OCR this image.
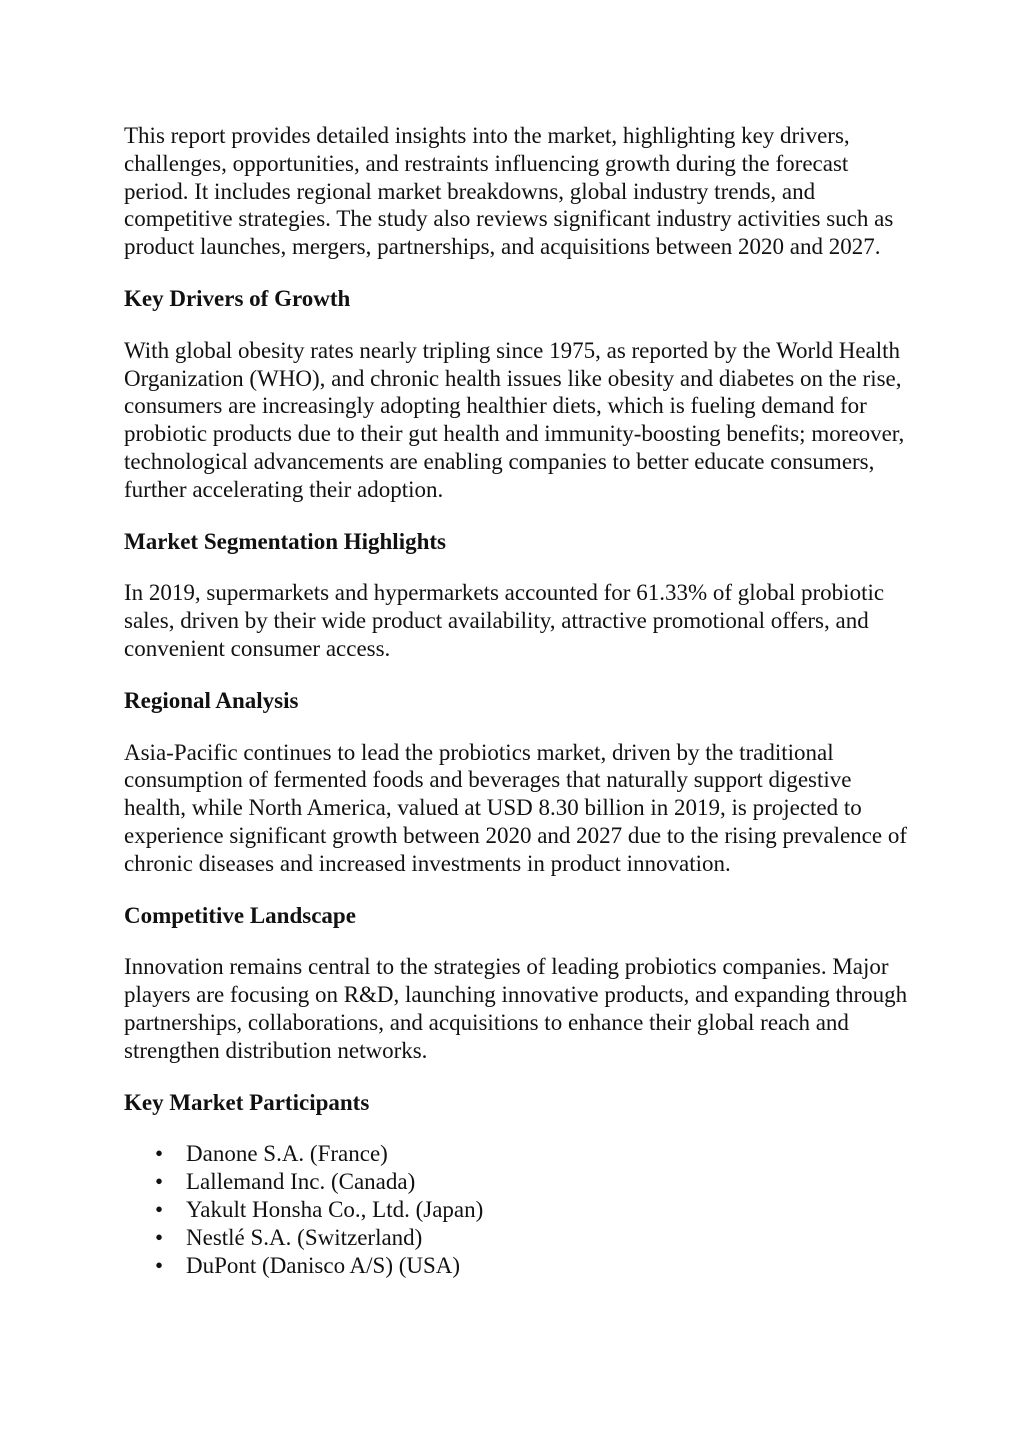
This report provides detailed insights into the market, highlighting key drivers, challenges, opportunities, and restraints influencing growth during the forecast period. It includes regional market breakdowns, global industry trends, and competitive strategies. The study also reviews significant industry activities such as product launches, mergers, partnerships, and acquisitions between 2020 and 2027.

Key Drivers of Growth

With global obesity rates nearly tripling since 1975, as reported by the World Health Organization (WHO), and chronic health issues like obesity and diabetes on the rise, consumers are increasingly adopting healthier diets, which is fueling demand for probiotic products due to their gut health and immunity-boosting benefits; moreover, technological advancements are enabling companies to better educate consumers, further accelerating their adoption.

Market Segmentation Highlights

In 2019, supermarkets and hypermarkets accounted for 61.33% of global probiotic sales, driven by their wide product availability, attractive promotional offers, and convenient consumer access.

Regional Analysis

Asia-Pacific continues to lead the probiotics market, driven by the traditional consumption of fermented foods and beverages that naturally support digestive health, while North America, valued at USD 8.30 billion in 2019, is projected to experience significant growth between 2020 and 2027 due to the rising prevalence of chronic diseases and increased investments in product innovation.

Competitive Landscape

Innovation remains central to the strategies of leading probiotics companies. Major players are focusing on R&D, launching innovative products, and expanding through partnerships, collaborations, and acquisitions to enhance their global reach and strengthen distribution networks.

Key Market Participants
• Danone S.A. (France)
• Lallemand Inc. (Canada)
• Yakult Honsha Co., Ltd. (Japan)
• Nestlé S.A. (Switzerland)
• DuPont (Danisco A/S) (USA)
